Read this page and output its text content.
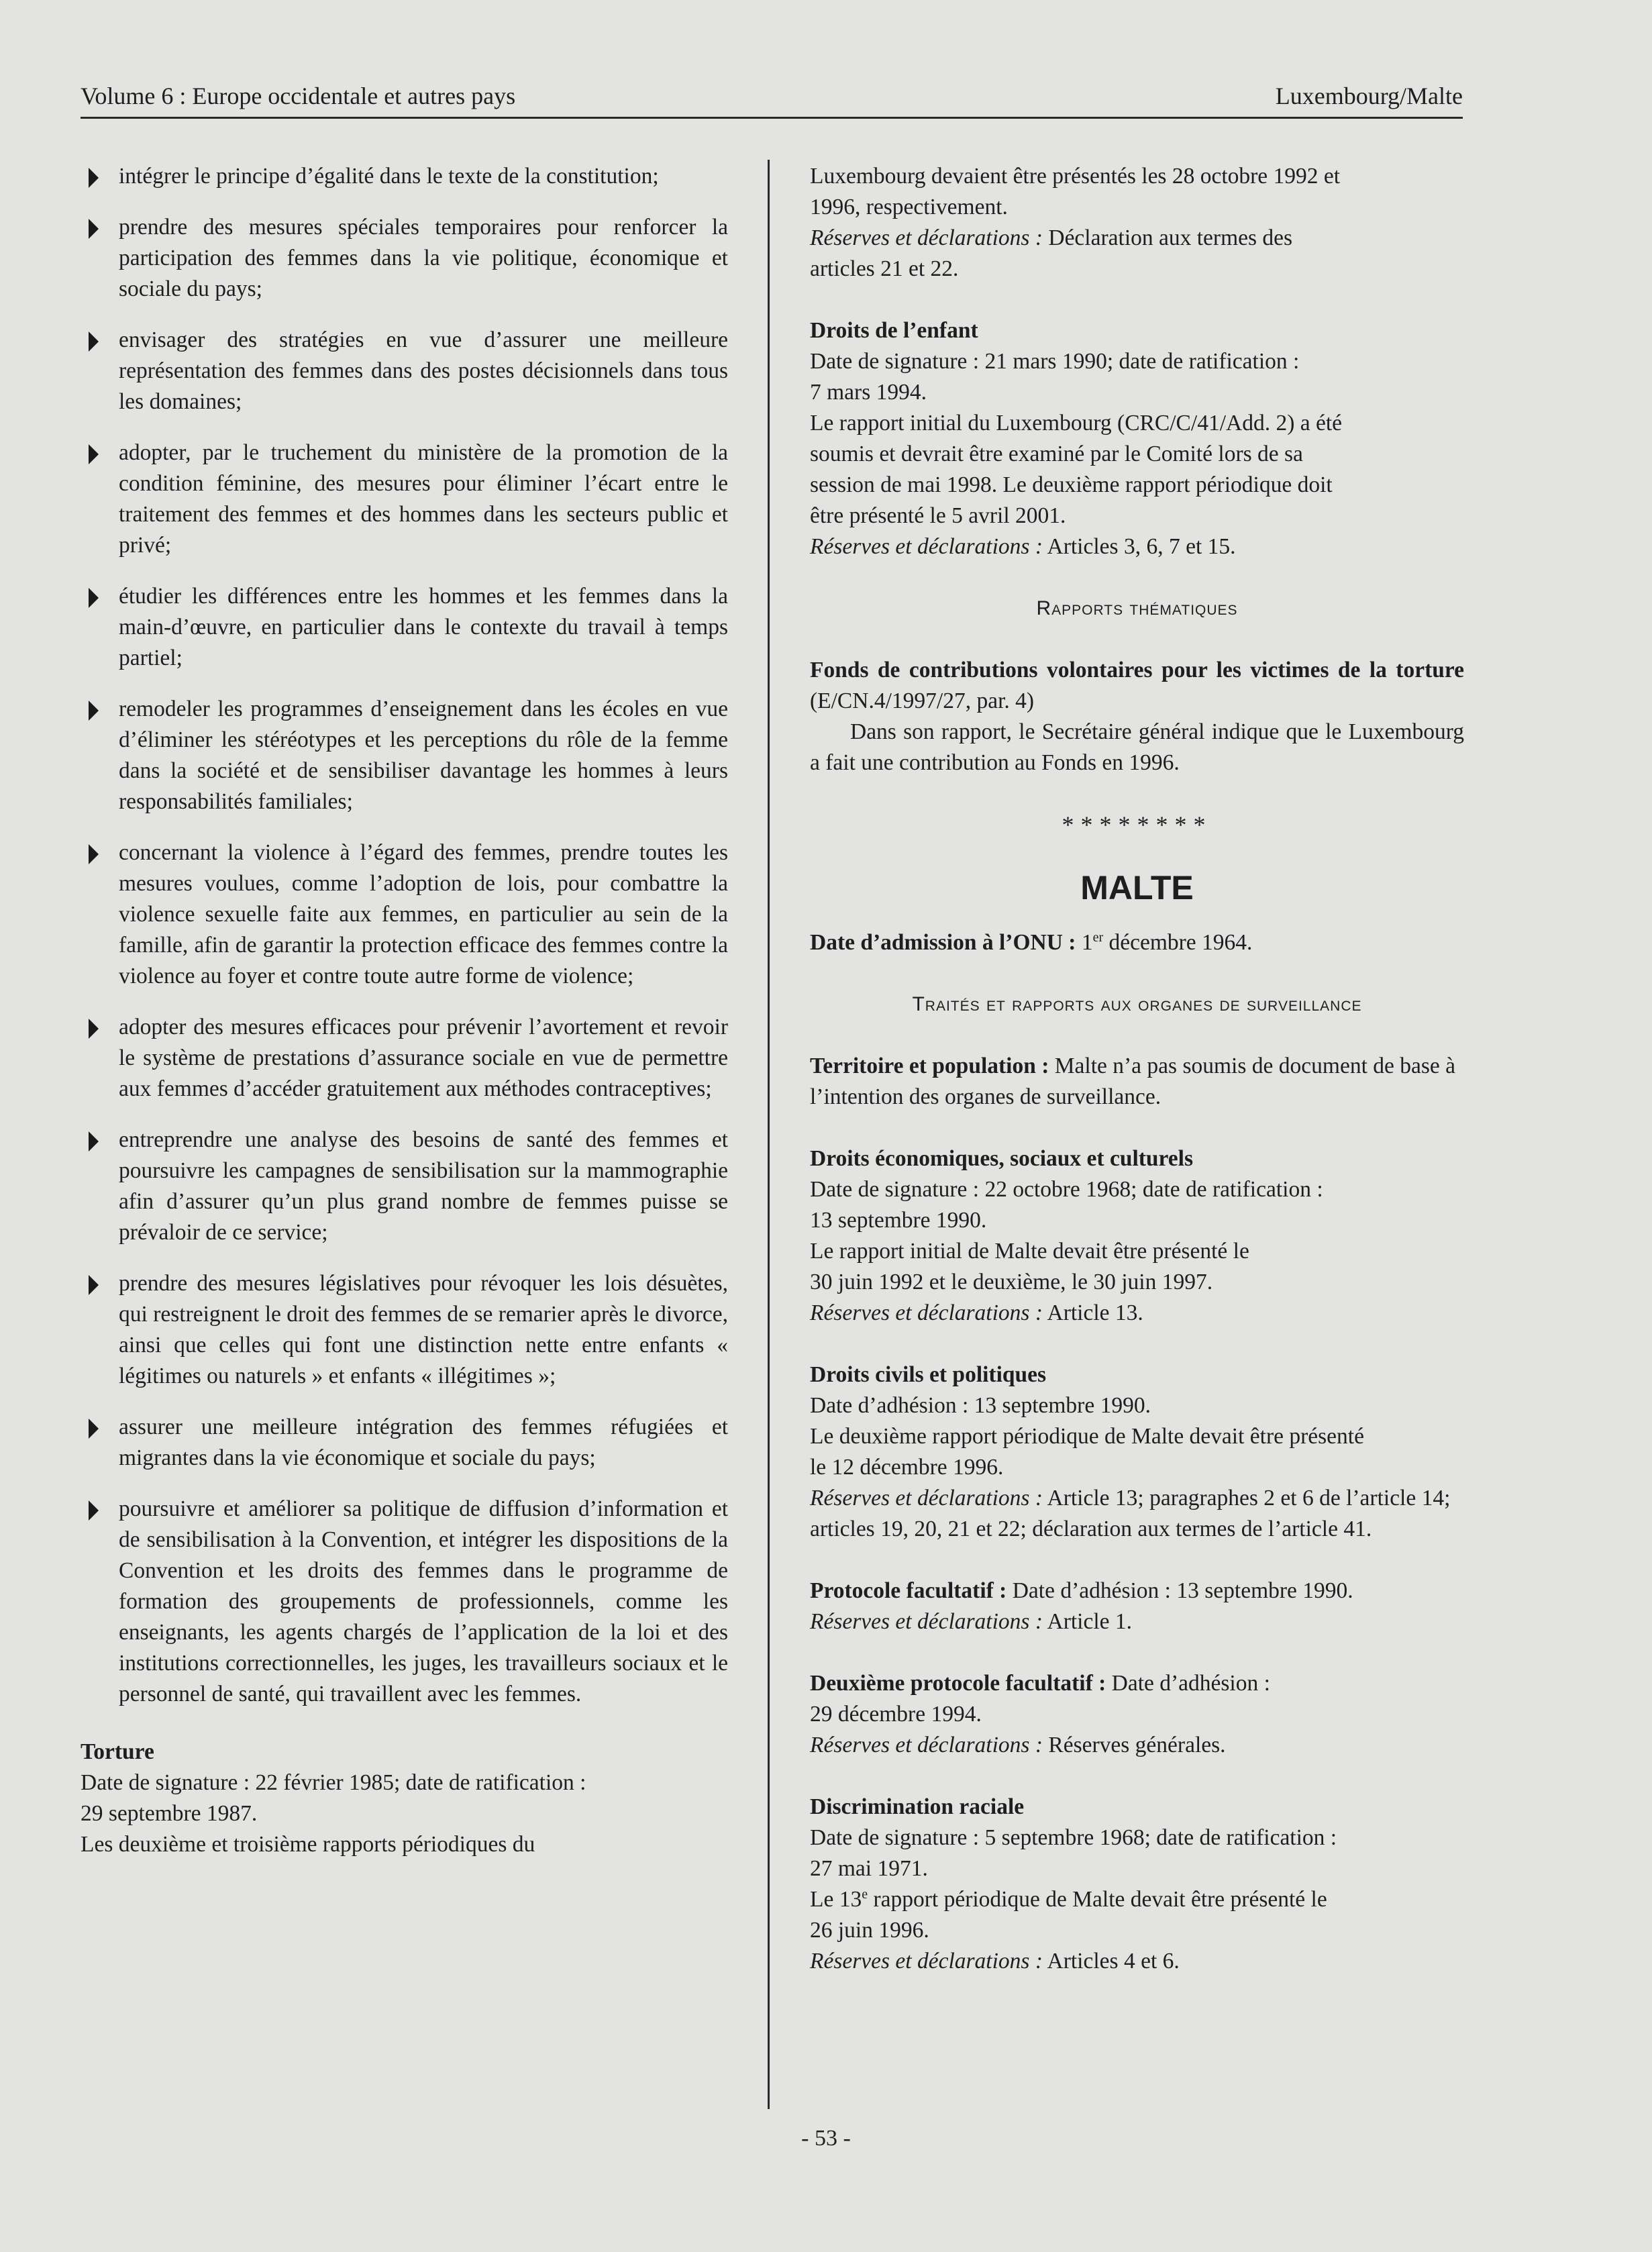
Volume 6 : Europe occidentale et autres pays	Luxembourg/Malte
intégrer le principe d’égalité dans le texte de la constitution;
prendre des mesures spéciales temporaires pour renforcer la participation des femmes dans la vie politique, économique et sociale du pays;
envisager des stratégies en vue d’assurer une meilleure représentation des femmes dans des postes décisionnels dans tous les domaines;
adopter, par le truchement du ministère de la promotion de la condition féminine, des mesures pour éliminer l’écart entre le traitement des femmes et des hommes dans les secteurs public et privé;
étudier les différences entre les hommes et les femmes dans la main-d’œuvre, en particulier dans le contexte du travail à temps partiel;
remodeler les programmes d’enseignement dans les écoles en vue d’éliminer les stéréotypes et les perceptions du rôle de la femme dans la société et de sensibiliser davantage les hommes à leurs responsabilités familiales;
concernant la violence à l’égard des femmes, prendre toutes les mesures voulues, comme l’adoption de lois, pour combattre la violence sexuelle faite aux femmes, en particulier au sein de la famille, afin de garantir la protection efficace des femmes contre la violence au foyer et contre toute autre forme de violence;
adopter des mesures efficaces pour prévenir l’avortement et revoir le système de prestations d’assurance sociale en vue de permettre aux femmes d’accéder gratuitement aux méthodes contraceptives;
entreprendre une analyse des besoins de santé des femmes et poursuivre les campagnes de sensibilisation sur la mammographie afin d’assurer qu’un plus grand nombre de femmes puisse se prévaloir de ce service;
prendre des mesures législatives pour révoquer les lois désuètes, qui restreignent le droit des femmes de se remarier après le divorce, ainsi que celles qui font une distinction nette entre enfants « légitimes ou naturels » et enfants « illégitimes »;
assurer une meilleure intégration des femmes réfugiées et migrantes dans la vie économique et sociale du pays;
poursuivre et améliorer sa politique de diffusion d’information et de sensibilisation à la Convention, et intégrer les dispositions de la Convention et les droits des femmes dans le programme de formation des groupements de professionnels, comme les enseignants, les agents chargés de l’application de la loi et des institutions correctionnelles, les juges, les travailleurs sociaux et le personnel de santé, qui travaillent avec les femmes.

Torture

Date de signature : 22 février 1985; date de ratification :

29 septembre 1987.

Les deuxième et troisième rapports périodiques du

Luxembourg devaient être présentés les 28 octobre 1992 et

1996, respectivement.

Réserves et déclarations : Déclaration aux termes des

articles 21 et 22.

Droits de l’enfant

Date de signature : 21 mars 1990; date de ratification :

7 mars 1994.

Le rapport initial du Luxembourg (CRC/C/41/Add. 2) a été

soumis et devrait être examiné par le Comité lors de sa

session de mai 1998. Le deuxième rapport périodique doit

être présenté le 5 avril 2001.

Réserves et déclarations : Articles 3, 6, 7 et 15.

Rapports thématiques

Fonds de contributions volontaires pour les victimes de la torture (E/CN.4/1997/27, par. 4)

Dans son rapport, le Secrétaire général indique que le Luxembourg a fait une contribution au Fonds en 1996.

********
MALTE

Date d’admission à l’ONU : 1er décembre 1964.

Traités et rapports aux organes de surveillance

Territoire et population : Malte n’a pas soumis de document de base à l’intention des organes de surveillance.

Droits économiques, sociaux et culturels

Date de signature : 22 octobre 1968; date de ratification :

13 septembre 1990.

Le rapport initial de Malte devait être présenté le

30 juin 1992 et le deuxième, le 30 juin 1997.

Réserves et déclarations : Article 13.

Droits civils et politiques

Date d’adhésion : 13 septembre 1990.

Le deuxième rapport périodique de Malte devait être présenté

le 12 décembre 1996.

Réserves et déclarations : Article 13; paragraphes 2 et 6 de l’article 14; articles 19, 20, 21 et 22; déclaration aux termes de l’article 41.

Protocole facultatif : Date d’adhésion : 13 septembre 1990.

Réserves et déclarations : Article 1.

Deuxième protocole facultatif : Date d’adhésion :

29 décembre 1994.

Réserves et déclarations : Réserves générales.

Discrimination raciale

Date de signature : 5 septembre 1968; date de ratification :

27 mai 1971.

Le 13e rapport périodique de Malte devait être présenté le

26 juin 1996.

Réserves et déclarations : Articles 4 et 6.

- 53 -
